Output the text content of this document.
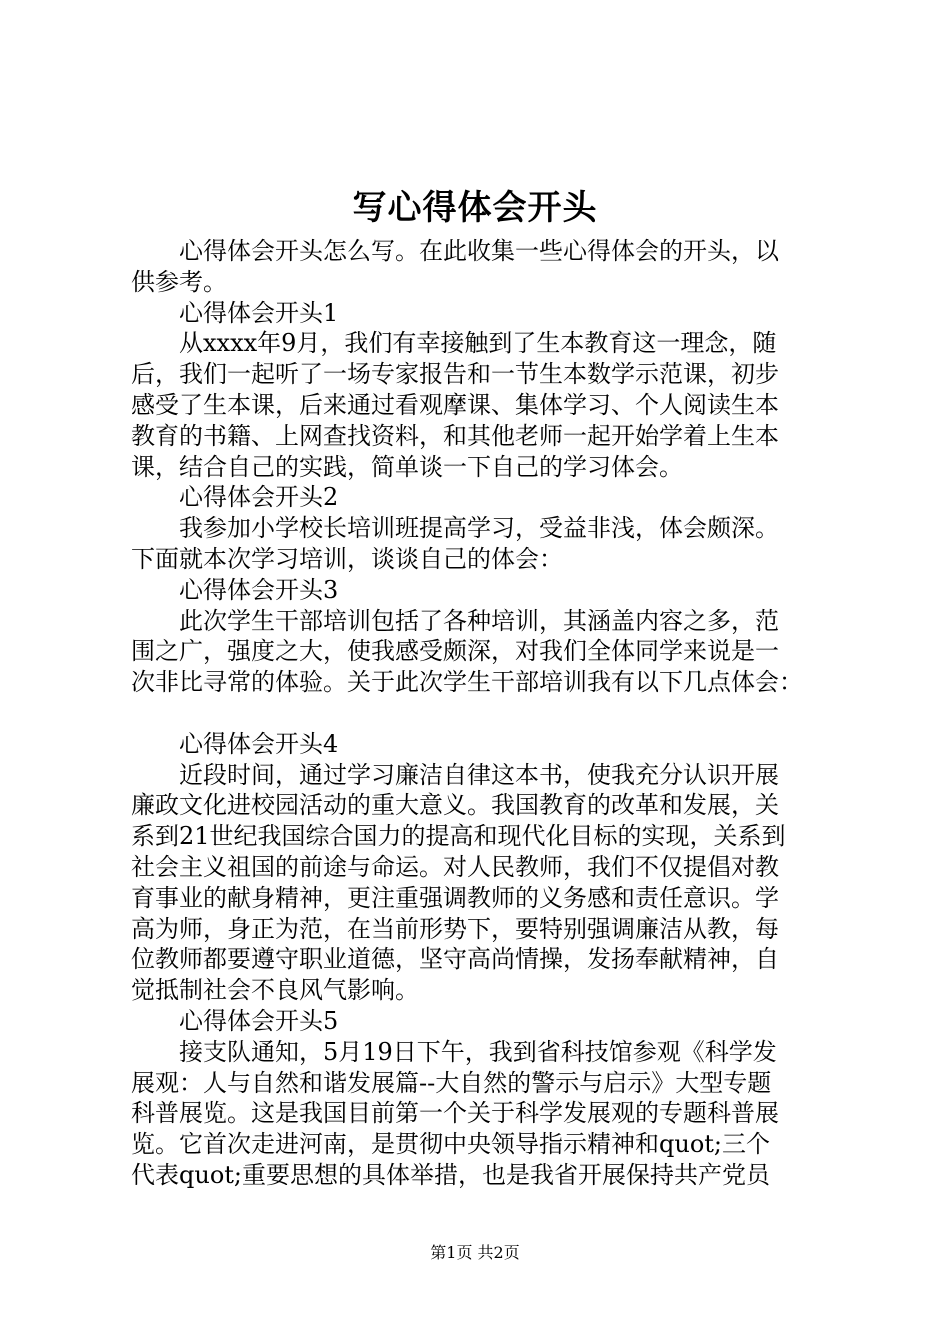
写心得体会开头
心得体会开头怎么写。在此收集一些心得体会的开头，以
供参考。
心得体会开头1
从xxxx年9月，我们有幸接触到了生本教育这一理念，随
后，我们一起听了一场专家报告和一节生本数学示范课，初步
感受了生本课，后来通过看观摩课、集体学习、个人阅读生本
教育的书籍、上网查找资料，和其他老师一起开始学着上生本
课，结合自己的实践，简单谈一下自己的学习体会。
心得体会开头2
我参加小学校长培训班提高学习，受益非浅，体会颇深。
下面就本次学习培训，谈谈自己的体会：
心得体会开头3
此次学生干部培训包括了各种培训，其涵盖内容之多，范
围之广，强度之大，使我感受颇深，对我们全体同学来说是一
次非比寻常的体验。关于此次学生干部培训我有以下几点体会：
心得体会开头4
近段时间，通过学习廉洁自律这本书，使我充分认识开展
廉政文化进校园活动的重大意义。我国教育的改革和发展，关
系到21世纪我国综合国力的提高和现代化目标的实现，关系到
社会主义祖国的前途与命运。对人民教师，我们不仅提倡对教
育事业的献身精神，更注重强调教师的义务感和责任意识。学
高为师，身正为范，在当前形势下，要特别强调廉洁从教，每
位教师都要遵守职业道德，坚守高尚情操，发扬奉献精神，自
觉抵制社会不良风气影响。
心得体会开头5
接支队通知，5月19日下午，我到省科技馆参观《科学发
展观：人与自然和谐发展篇--大自然的警示与启示》大型专题
科普展览。这是我国目前第一个关于科学发展观的专题科普展
览。它首次走进河南，是贯彻中央领导指示精神和quot;三个
代表quot;重要思想的具体举措，也是我省开展保持共产党员
第1页 共2页
